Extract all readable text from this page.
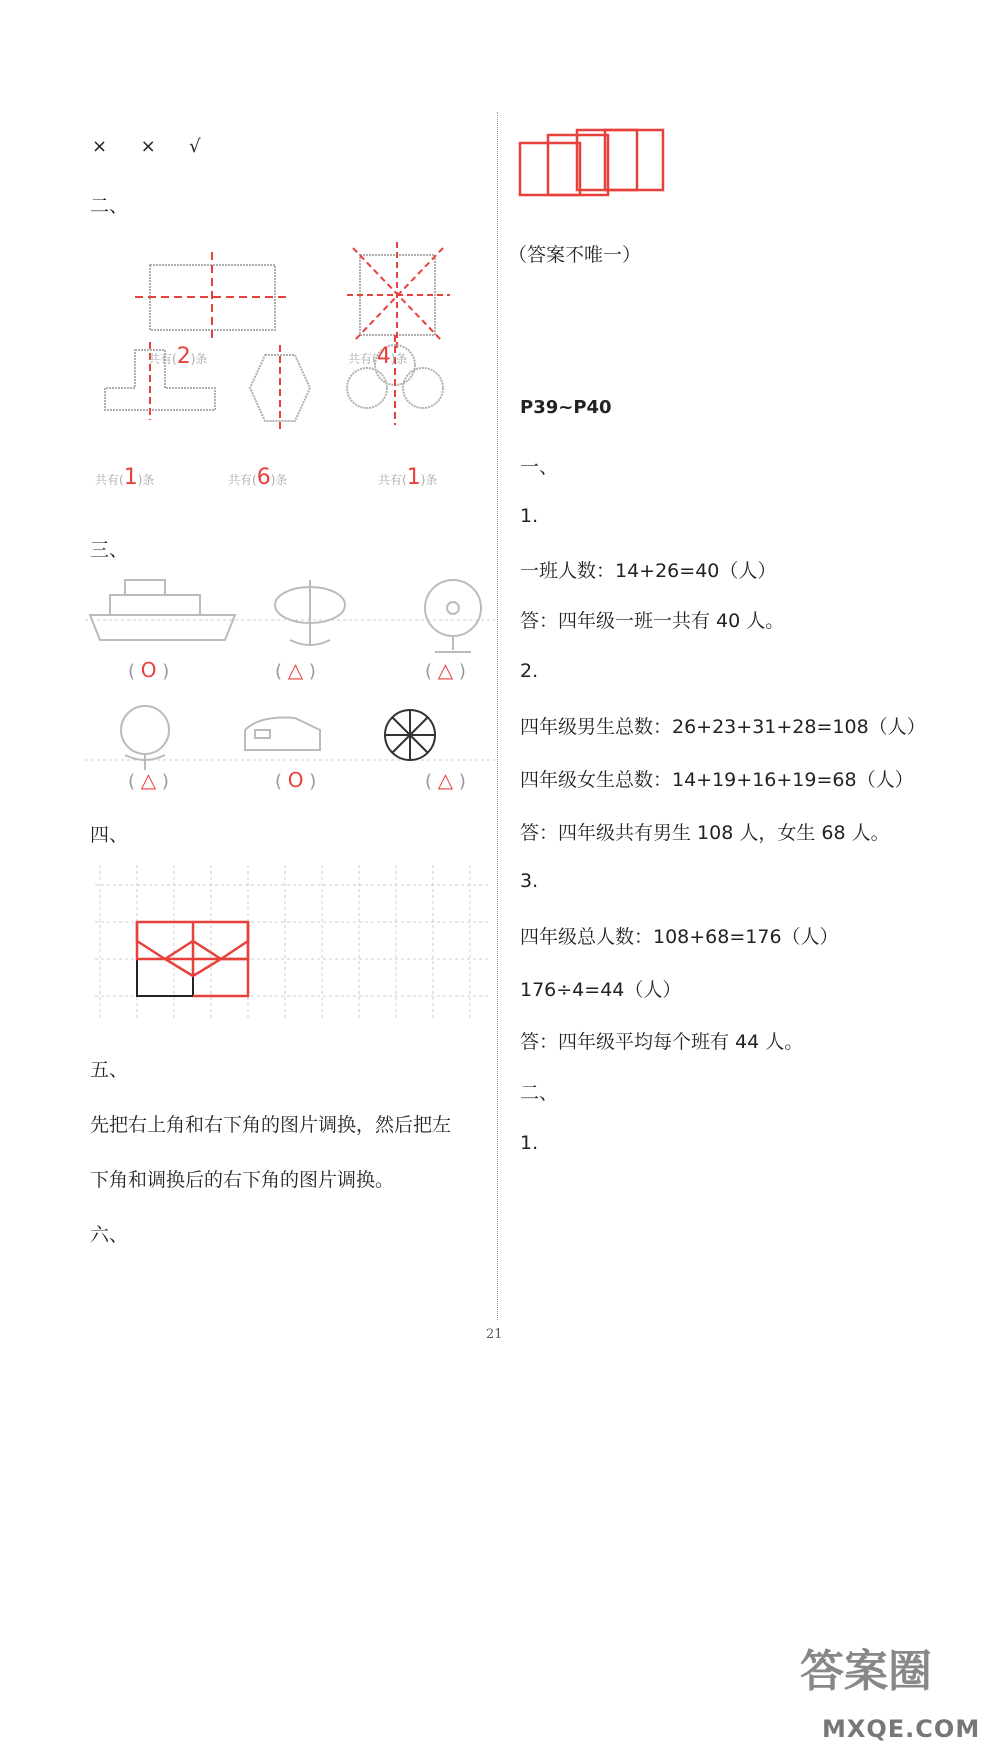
× × √
二、
共有(2)条	共有(4)条
共有(1)条	共有(6)条	共有(1)条
三、
( O )	( △ )	( △ )
( △ )	( O )	( △ )
四、
五、
先把右上角和右下角的图片调换，然后把左
下角和调换后的右下角的图片调换。
六、
（答案不唯一）
P39~P40
一、
1.
一班人数：14+26=40（人）
答：四年级一班一共有 40 人。
2.
四年级男生总数：26+23+31+28=108（人）
四年级女生总数：14+19+16+19=68（人）
答：四年级共有男生 108 人，女生 68 人。
3.
四年级总人数：108+68=176（人）
176÷4=44（人）
答：四年级平均每个班有 44 人。
二、
1.
21
答案圈
MXQE.COM
